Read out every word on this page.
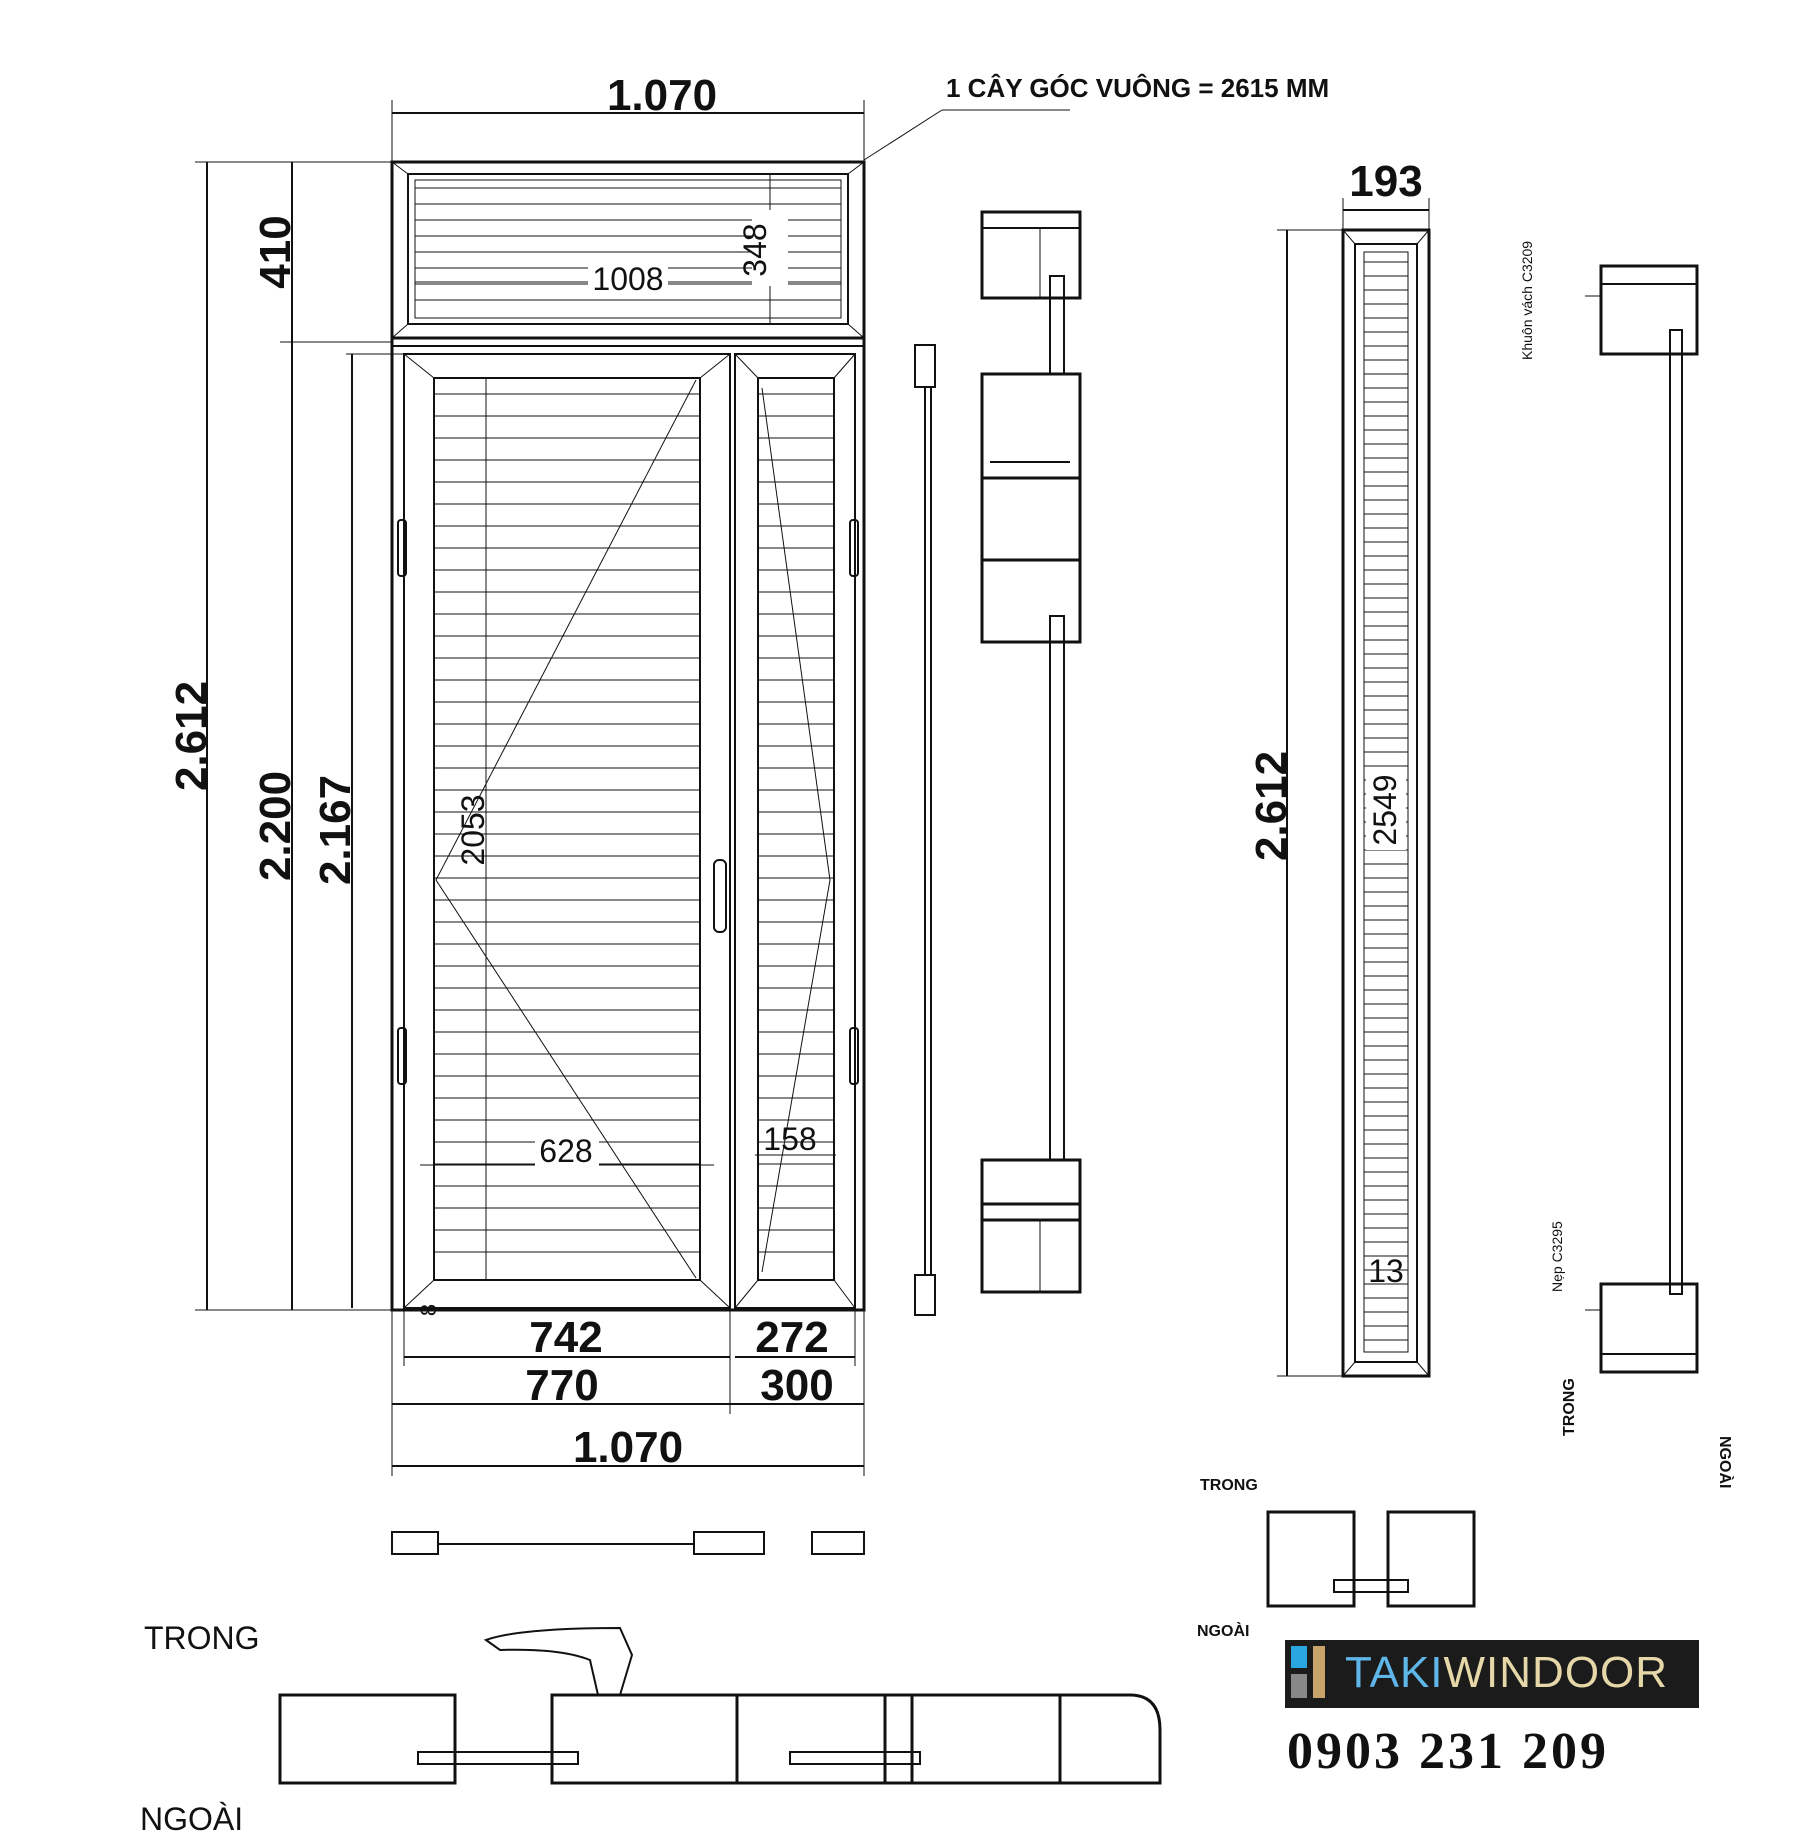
1.070	1 CÂY GÓC VUÔNG = 2615 MM
2.612
410
2.200 2.167	2053
1008
348
628	158
8
742	272
770	300
1.070
193
2.612 2549
13
Khuôn vách C3209
Nẹp C3295
TRONG
NGOÀI
TRONG
NGOÀI
TRONG
NGOÀI
TAKIWINDOOR
0903 231 209
